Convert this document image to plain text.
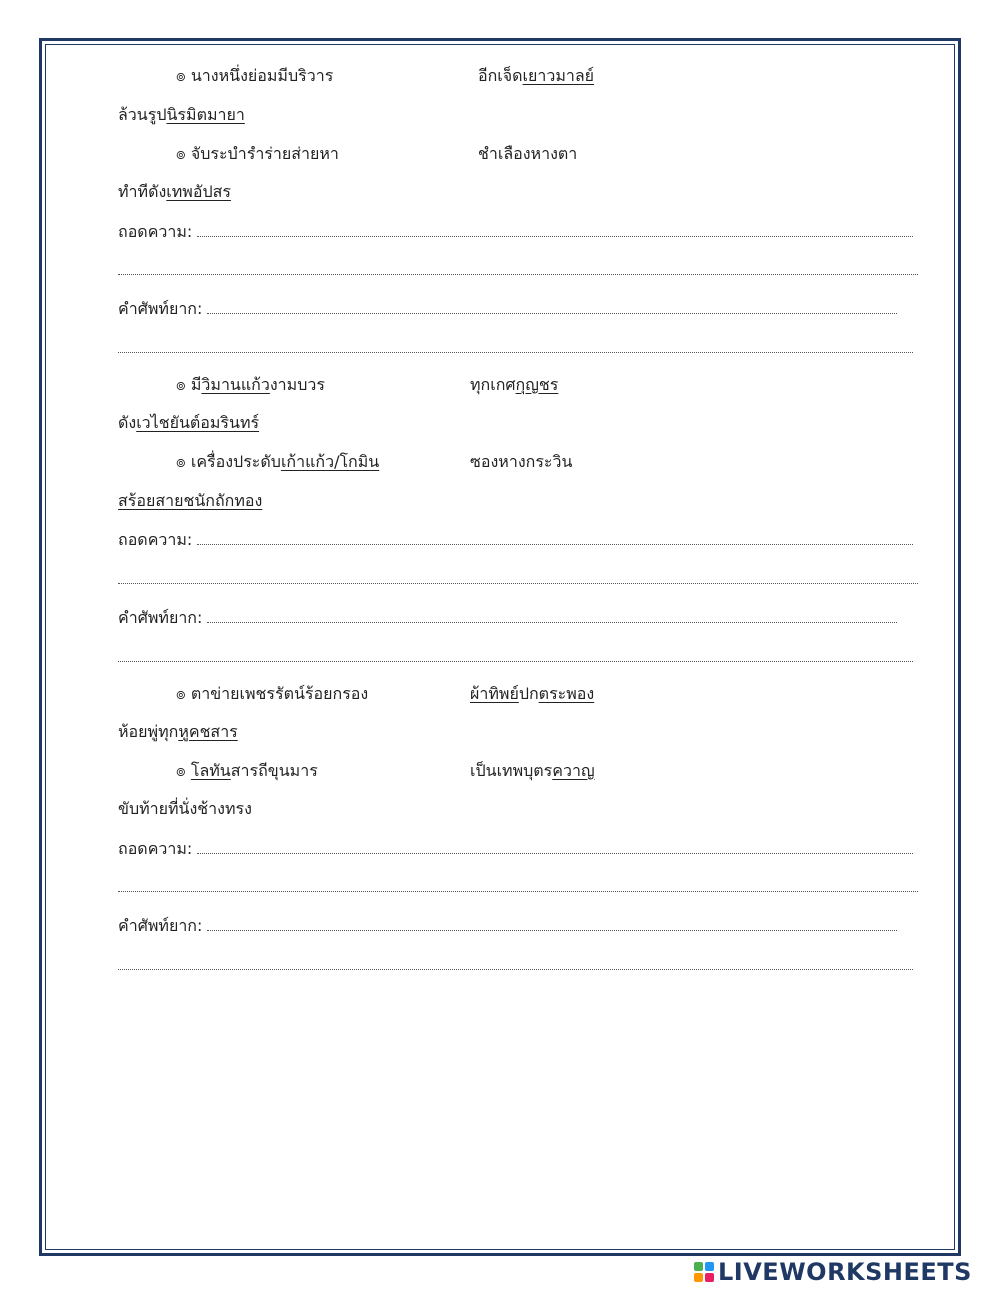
๏ นางหนึ่งย่อมมีบริวาร	อีกเจ็ดเยาวมาลย์
ล้วนรูปนิรมิตมายา
๏ จับระบำรำร่ายส่ายหา	ชำเลืองหางตา
ทำทีดังเทพอัปสร
ถอดความ:
คำศัพท์ยาก:
๏ มีวิมานแก้วงามบวร	ทุกเกศกุญชร
ดังเวไชยันต์อมรินทร์
๏ เครื่องประดับเก้าแก้ว/โกมิน	ซองหางกระวิน
สร้อยสายชนักถักทอง
ถอดความ:
คำศัพท์ยาก:
๏ ตาข่ายเพชรรัตน์ร้อยกรอง	ผ้าทิพย์ปกตระพอง
ห้อยพู่ทุกหูคชสาร
๏ โลทันสารถีขุนมาร	เป็นเทพบุตรควาญ
ขับท้ายที่นั่งช้างทรง
ถอดความ:
คำศัพท์ยาก:
LIVEWORKSHEETS
